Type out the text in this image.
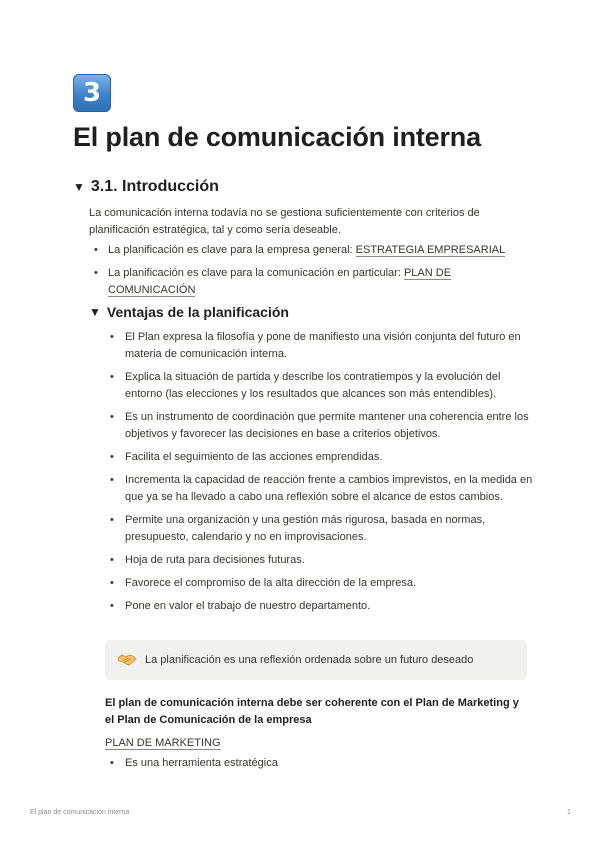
3
El plan de comunicación interna
▼ 3.1. Introducción

La comunicación interna todavía no se gestiona suficientemente con criterios de planificación estratégica, tal y como sería deseable.

• La planificación es clave para la empresa general: ESTRATEGIA EMPRESARIAL
• La planificación es clave para la comunicación en particular: PLAN DE COMUNICACIÓN
▼ Ventajas de la planificación
• El Plan expresa la filosofía y pone de manifiesto una visión conjunta del futuro en materia de comunicación interna.
• Explica la situación de partida y describe los contratiempos y la evolución del entorno (las elecciones y los resultados que alcances son más entendibles).
• Es un instrumento de coordinación que permite mantener una coherencia entre los objetivos y favorecer las decisiones en base a criterios objetivos.
• Facilita el seguimiento de las acciones emprendidas.
• Incrementa la capacidad de reacción frente a cambios imprevistos, en la medida en que ya se ha llevado a cabo una reflexión sobre el alcance de estos cambios.
• Permite una organización y una gestión más rigurosa, basada en normas, presupuesto, calendario y no en improvisaciones.
• Hoja de ruta para decisiones futuras.
• Favorece el compromiso de la alta dirección de la empresa.
• Pone en valor el trabajo de nuestro departamento.
La planificación es una reflexión ordenada sobre un futuro deseado

El plan de comunicación interna debe ser coherente con el Plan de Marketing y el Plan de Comunicación de la empresa

PLAN DE MARKETING

• Es una herramienta estratégica
El plan de comunicación interna	1
